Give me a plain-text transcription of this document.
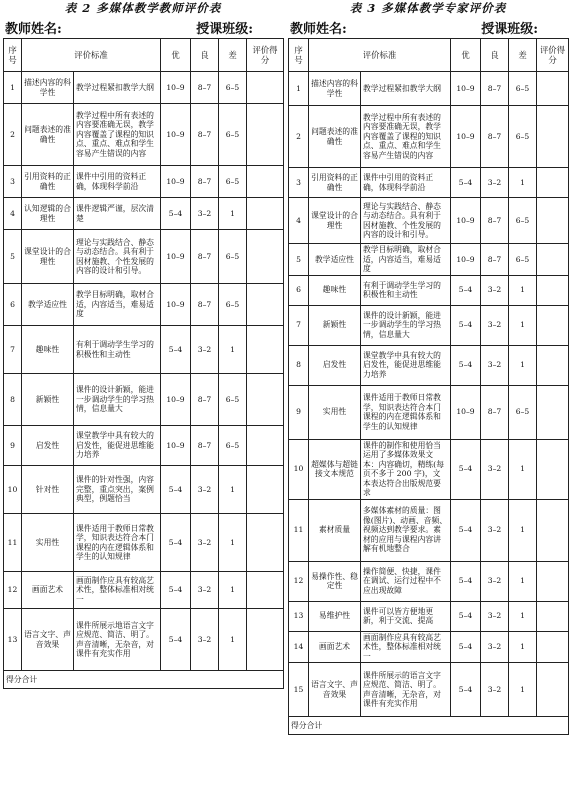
表 2 多媒体教学教师评价表
教师姓名:	授课班级:
序号	评价标准		优	良	差	评价得分
1	描述内容的科学性	教学过程紧扣教学大纲	10–9	8–7	6–5	
2	问题表述的准确性	教学过程中所有表述的内容要准确无误，教学内容覆盖了课程的知识点、重点、难点和学生容易产生错误的内容	10–9	8–7	6–5	
3	引用资料的正确性	课件中引用的资料正确，体现科学前沿	10–9	8–7	6–5	
4	认知逻辑的合理性	课件逻辑严谨，层次清楚	5–4	3–2	1	
5	课堂设计的合理性	理论与实践结合、静态与动态结合。具有利于因材施教、个性发展的内容的设计和引导。	10–9	8–7	6–5	
6	教学适应性	教学目标明确，取材合适，内容适当，难易适度	10–9	8–7	6–5	
7	趣味性	有利于调动学生学习的积极性和主动性	5–4	3–2	1	
8	新颖性	课件的设计新颖，能进一步调动学生的学习热情，信息量大	10–9	8–7	6–5	
9	启发性	课堂教学中具有较大的启发性，能促进思维能力培养	10–9	8–7	6–5	
10	针对性	课件的针对性强，内容完整，重点突出，案例典型，例题恰当	5–4	3–2	1	
11	实用性	课件适用于教师日常教学，知识表达符合本门课程的内在逻辑体系和学生的认知规律	5–4	3–2	1	
12	画面艺术	画面制作应具有较高艺术性，整体标准相对统一	5–4	3–2	1	
13	语言文字、声音效果	课件所展示地语言文字应规范、简洁、明了。声音清晰，无杂音，对课件有充实作用	5–4	3–2	1	
得分合计						
表 3 多媒体教学专家评价表
教师姓名:	授课班级:
序号	评价标准		优	良	差	评价得分
1	描述内容的科学性	教学过程紧扣教学大纲	10–9	8–7	6–5	
2	问题表述的准确性	教学过程中所有表述的内容要准确无误，教学内容覆盖了课程的知识点、重点、难点和学生容易产生错误的内容	10–9	8–7	6–5	
3	引用资料的正确性	课件中引用的资料正确，体现科学前沿	5–4	3–2	1	
4	课堂设计的合理性	理论与实践结合、静态与动态结合。具有利于因材施教、个性发展的内容的设计和引导。	10–9	8–7	6–5	
5	教学适应性	教学目标明确，取材合适，内容适当，难易适度	10–9	8–7	6–5	
6	趣味性	有利于调动学生学习的积极性和主动性	5–4	3–2	1	
7	新颖性	课件的设计新颖，能进一步调动学生的学习热情，信息量大	5–4	3–2	1	
8	启发性	课堂教学中具有较大的启发性，能促进思维能力培养	5–4	3–2	1	
9	实用性	课件适用于教师日常教学，知识表达符合本门课程的内在逻辑体系和学生的认知规律	10–9	8–7	6–5	
10	超媒体与超链接文本规范	课件的制作和使用恰当运用了多媒体效果文本：内容确切，精练(每页不多于 200 字)，文本表达符合出版规范要求	5–4	3–2	1	
11	素材质量	多媒体素材的质量：图像(图片)、动画、音频、视频达到教学要求。素材的应用与课程内容讲解有机地整合	5–4	3–2	1	
12	易操作性、稳定性	操作简便、快捷，课件在调试、运行过程中不应出现故障	5–4	3–2	1	
13	易维护性	课件可以皆方便地更新，利于交流、提高	5–4	3–2	1	
14	画面艺术	画面制作应具有较高艺术性，整体标准相对统一	5–4	3–2	1	
15	语言文字、声音效果	课件所展示的语言文字应规范、简洁、明了。声音清晰，无杂音，对课件有充实作用	5–4	3–2	1	
得分合计						
